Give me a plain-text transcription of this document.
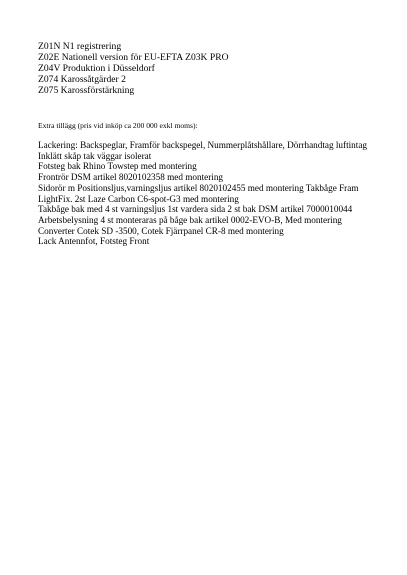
Z01N N1 registrering
Z02E Nationell version för EU-EFTA Z03K PRO
Z04V Produktion i Düsseldorf
Z074 Karossåtgärder 2
Z075 Karossförstärkning
Extra tillägg (pris vid inköp ca 200 000 exkl moms):
Lackering: Backspeglar, Framför backspegel, Nummerplåtshållare, Dörrhandtag luftintag
Inklätt skåp tak väggar isolerat
Fotsteg bak Rhino Towstep med montering
Frontrör DSM artikel 8020102358 med montering
Sidorör m Positionsljus,varningsljus artikel 8020102455 med montering Takbåge Fram
LightFix. 2st Laze Carbon C6-spot-G3 med montering
Takbåge bak med 4 st varningsljus 1st vardera sida 2 st bak DSM artikel 7000010044
Arbetsbelysning 4 st monteraras på båge bak artikel 0002-EVO-B, Med montering
Converter Cotek SD -3500, Cotek Fjärrpanel CR-8 med montering
Lack Antennfot, Fotsteg Front
